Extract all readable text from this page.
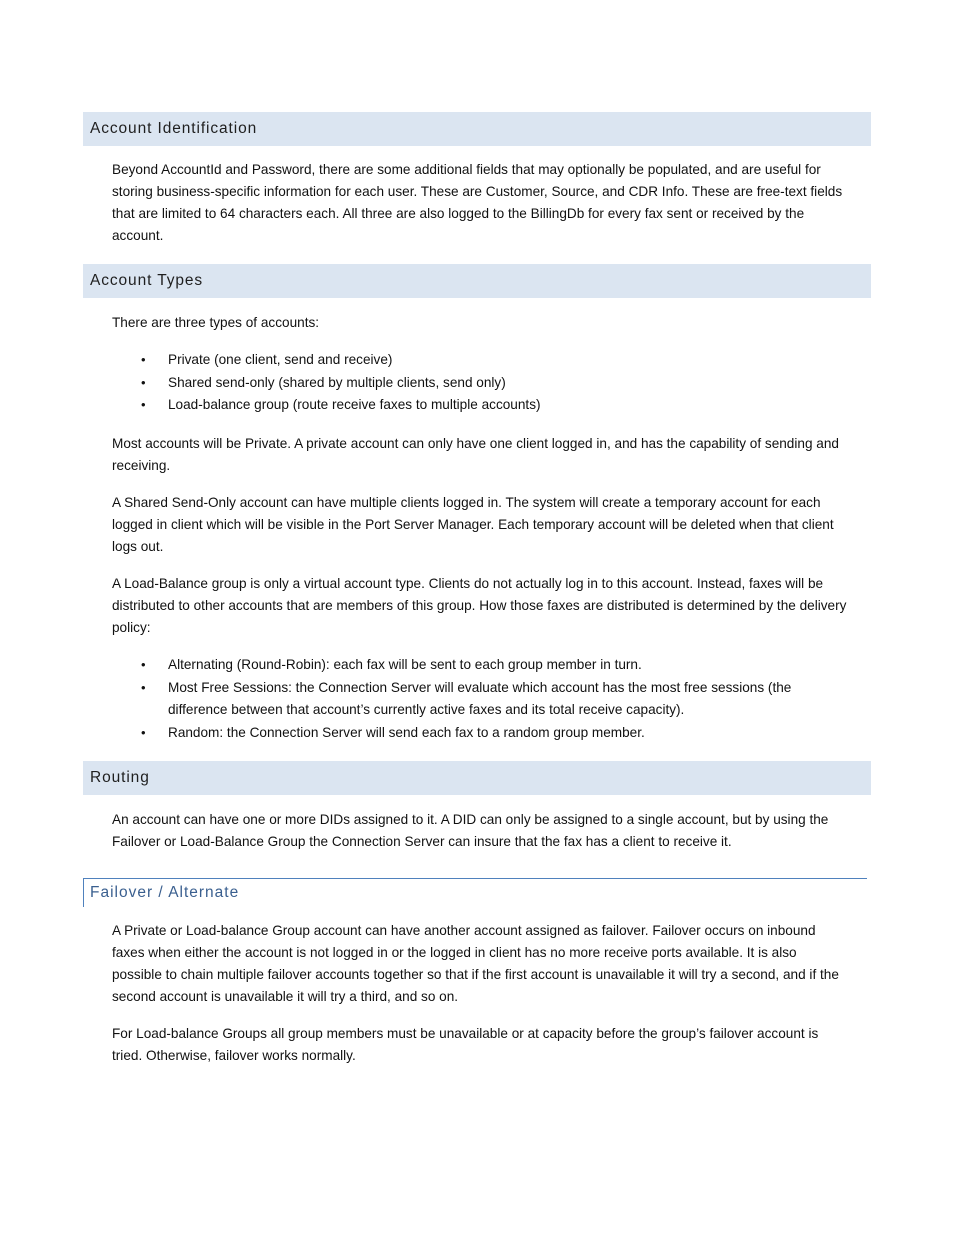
Account Identification

Beyond AccountId and Password, there are some additional fields that may optionally be populated, and are useful for storing business-specific information for each user. These are Customer, Source, and CDR Info. These are free-text fields that are limited to 64 characters each. All three are also logged to the BillingDb for every fax sent or received by the account.

Account Types

There are three types of accounts:

•	Private (one client, send and receive)
•	Shared send-only (shared by multiple clients, send only)
•	Load-balance group (route receive faxes to multiple accounts)

Most accounts will be Private. A private account can only have one client logged in, and has the capability of sending and receiving.

A Shared Send-Only account can have multiple clients logged in. The system will create a temporary account for each logged in client which will be visible in the Port Server Manager. Each temporary account will be deleted when that client logs out.

A Load-Balance group is only a virtual account type. Clients do not actually log in to this account. Instead, faxes will be distributed to other accounts that are members of this group. How those faxes are distributed is determined by the delivery policy:

•	Alternating (Round-Robin): each fax will be sent to each group member in turn.
•	Most Free Sessions: the Connection Server will evaluate which account has the most free sessions (the difference between that account’s currently active faxes and its total receive capacity).
•	Random: the Connection Server will send each fax to a random group member.
Routing

An account can have one or more DIDs assigned to it. A DID can only be assigned to a single account, but by using the Failover or Load-Balance Group the Connection Server can insure that the fax has a client to receive it.

Failover / Alternate

A Private or Load-balance Group account can have another account assigned as failover. Failover occurs on inbound faxes when either the account is not logged in or the logged in client has no more receive ports available. It is also possible to chain multiple failover accounts together so that if the first account is unavailable it will try a second, and if the second account is unavailable it will try a third, and so on.

For Load-balance Groups all group members must be unavailable or at capacity before the group’s failover account is tried. Otherwise, failover works normally.
